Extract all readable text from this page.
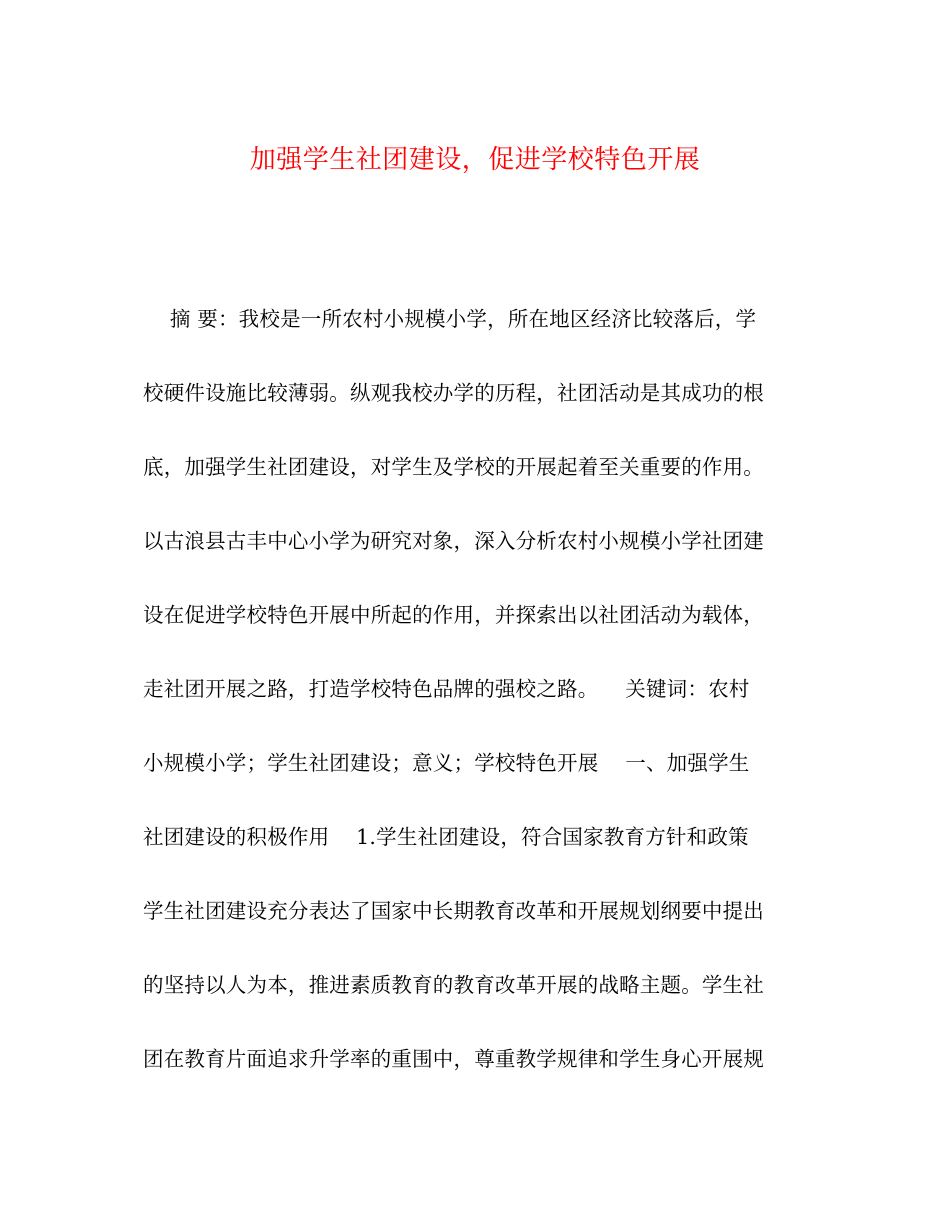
加强学生社团建设，促进学校特色开展
摘 要：我校是一所农村小规模小学，所在地区经济比较落后，学
校硬件设施比较薄弱。纵观我校办学的历程，社团活动是其成功的根
底，加强学生社团建设，对学生及学校的开展起着至关重要的作用。
以古浪县古丰中心小学为研究对象，深入分析农村小规模小学社团建
设在促进学校特色开展中所起的作用，并探索出以社团活动为载体，
走社团开展之路，打造学校特色品牌的强校之路。    关键词：农村
小规模小学；学生社团建设；意义；学校特色开展    一、加强学生
社团建设的积极作用    1.学生社团建设，符合国家教育方针和政策
学生社团建设充分表达了国家中长期教育改革和开展规划纲要中提出
的坚持以人为本，推进素质教育的教育改革开展的战略主题。学生社
团在教育片面追求升学率的重围中，尊重教学规律和学生身心开展规
